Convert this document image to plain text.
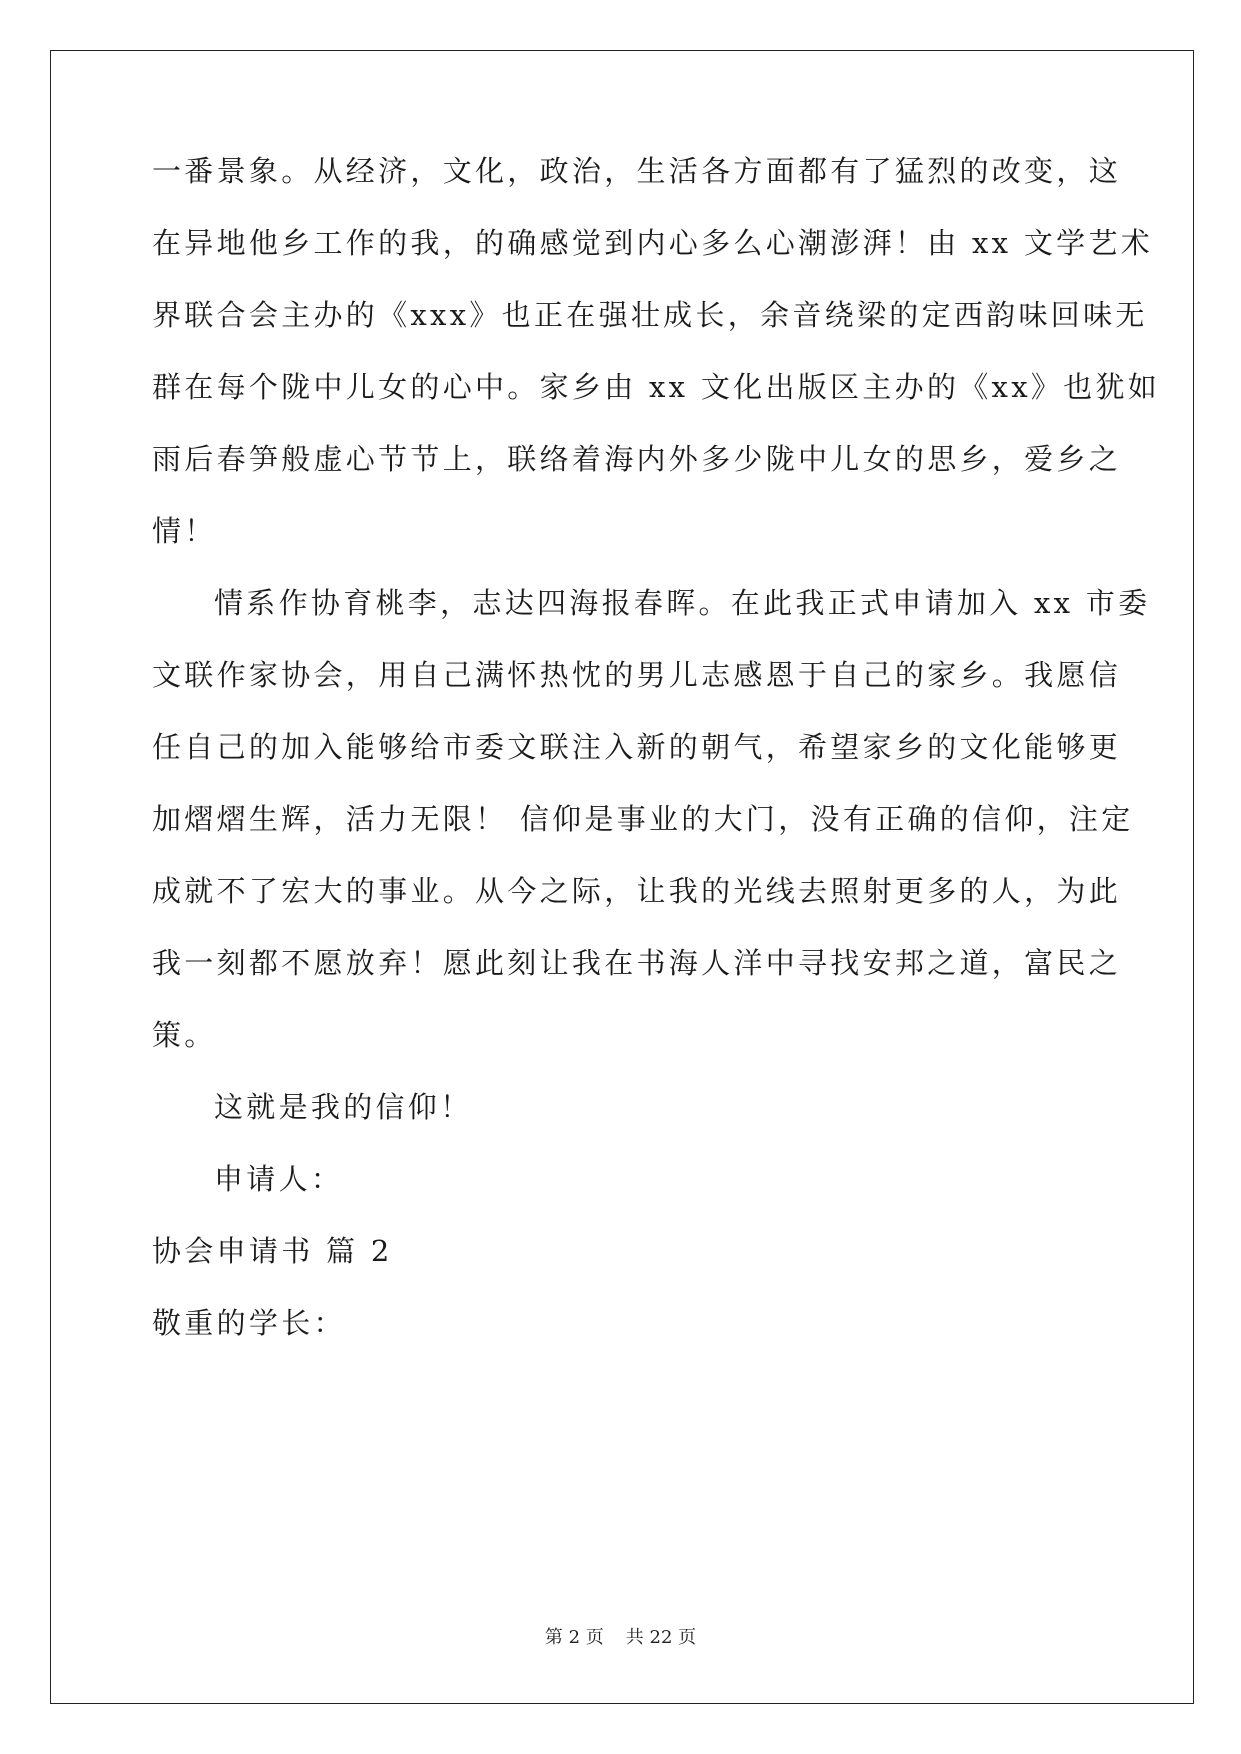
一番景象。从经济，文化，政治，生活各方面都有了猛烈的改变，这
在异地他乡工作的我，的确感觉到内心多么心潮澎湃！由 xx 文学艺术
界联合会主办的《xxx》也正在强壮成长，余音绕梁的定西韵味回味无
群在每个陇中儿女的心中。家乡由 xx 文化出版区主办的《xx》也犹如
雨后春笋般虚心节节上，联络着海内外多少陇中儿女的思乡，爱乡之
情！
情系作协育桃李，志达四海报春晖。在此我正式申请加入 xx 市委
文联作家协会，用自己满怀热忱的男儿志感恩于自己的家乡。我愿信
任自己的加入能够给市委文联注入新的朝气，希望家乡的文化能够更
加熠熠生辉，活力无限！ 信仰是事业的大门，没有正确的信仰，注定
成就不了宏大的事业。从今之际，让我的光线去照射更多的人，为此
我一刻都不愿放弃！愿此刻让我在书海人洋中寻找安邦之道，富民之
策。
这就是我的信仰！
申请人：
协会申请书 篇 2
敬重的学长：
第 2 页 共 22 页
